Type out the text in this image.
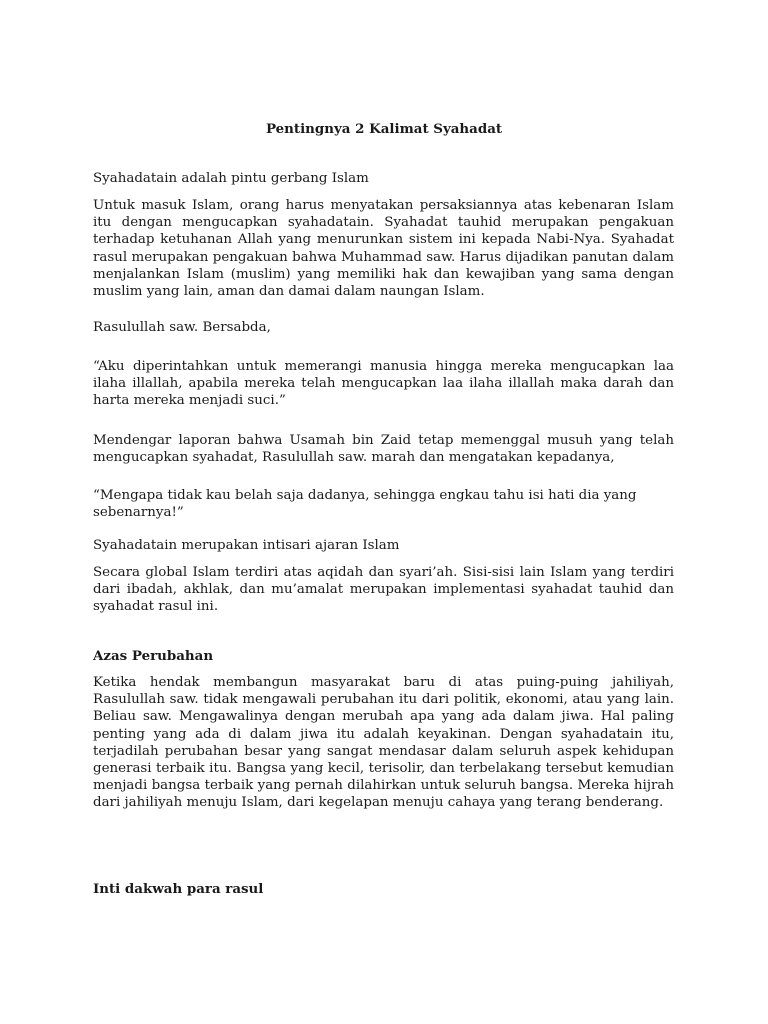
Pentingnya 2 Kalimat Syahadat

Syahadatain adalah pintu gerbang Islam

Untuk masuk Islam, orang harus menyatakan persaksiannya atas kebenaran Islam itu dengan mengucapkan syahadatain. Syahadat tauhid merupakan pengakuan terhadap ketuhanan Allah yang menurunkan sistem ini kepada Nabi-Nya. Syahadat rasul merupakan pengakuan bahwa Muhammad saw. Harus dijadikan panutan dalam menjalankan Islam (muslim) yang memiliki hak dan kewajiban yang sama dengan muslim yang lain, aman dan damai dalam naungan Islam.

Rasulullah saw. Bersabda,

“Aku diperintahkan untuk memerangi manusia hingga mereka mengucapkan laa ilaha illallah, apabila mereka telah mengucapkan laa ilaha illallah maka darah dan harta mereka menjadi suci.”

Mendengar laporan bahwa Usamah bin Zaid tetap memenggal musuh yang telah mengucapkan syahadat, Rasulullah saw. marah dan mengatakan kepadanya,

“Mengapa tidak kau belah saja dadanya, sehingga engkau tahu isi hati dia yang sebenarnya!”

Syahadatain merupakan intisari ajaran Islam

Secara global Islam terdiri atas aqidah dan syari’ah. Sisi-sisi lain Islam yang terdiri dari ibadah, akhlak, dan mu’amalat merupakan implementasi syahadat tauhid dan syahadat rasul ini.

Azas Perubahan

Ketika hendak membangun masyarakat baru di atas puing-puing jahiliyah, Rasulullah saw. tidak mengawali perubahan itu dari politik, ekonomi, atau yang lain. Beliau saw. Mengawalinya dengan merubah apa yang ada dalam jiwa. Hal paling penting yang ada di dalam jiwa itu adalah keyakinan. Dengan syahadatain itu, terjadilah perubahan besar yang sangat mendasar dalam seluruh aspek kehidupan generasi terbaik itu. Bangsa yang kecil, terisolir, dan terbelakang tersebut kemudian menjadi bangsa terbaik yang pernah dilahirkan untuk seluruh bangsa. Mereka hijrah dari jahiliyah menuju Islam, dari kegelapan menuju cahaya yang terang benderang.

Inti dakwah para rasul
